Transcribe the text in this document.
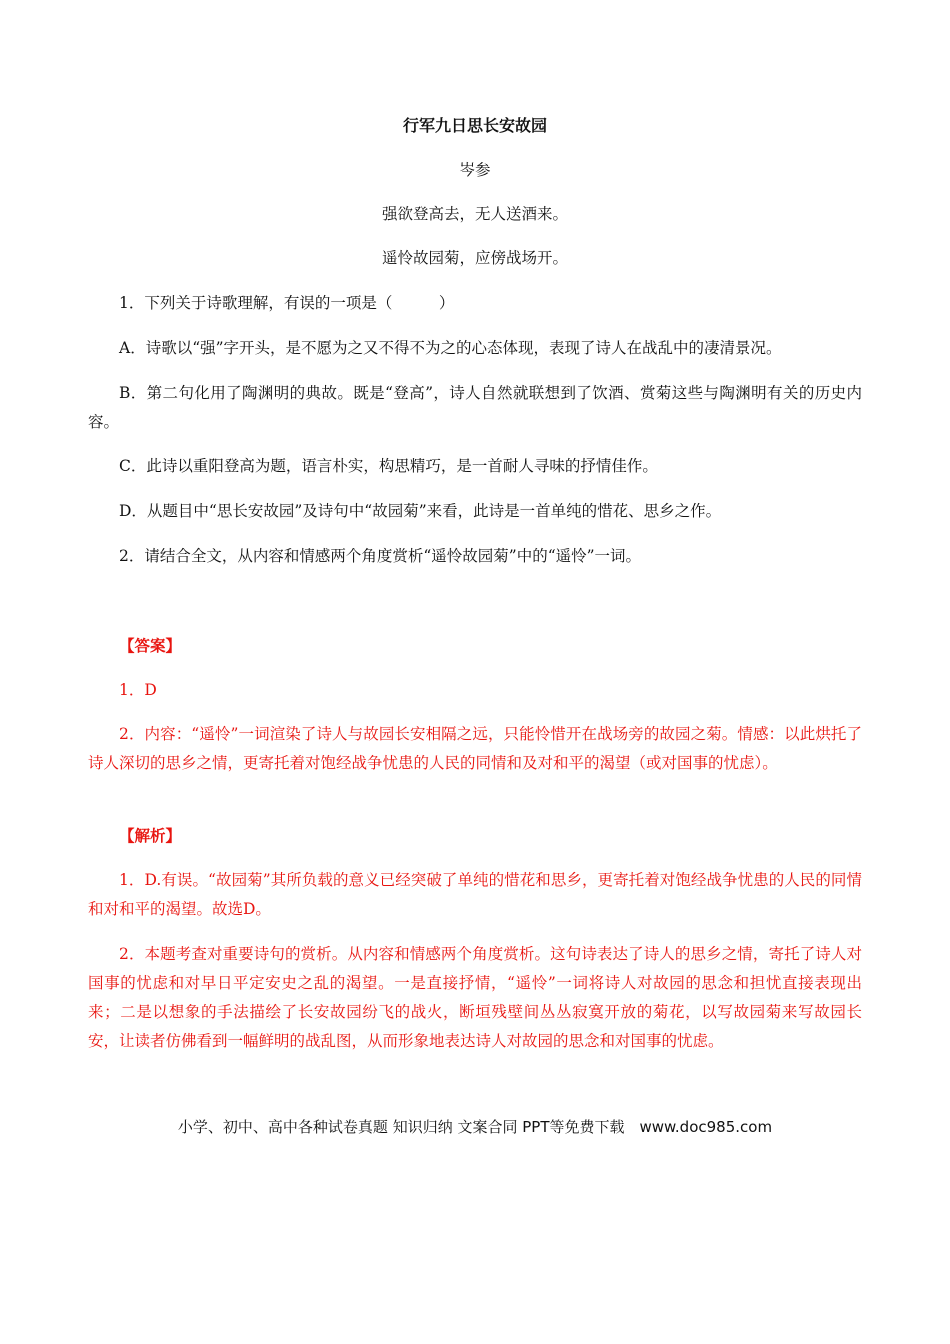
行军九日思长安故园
岑参
强欲登高去，无人送酒来。
遥怜故园菊，应傍战场开。
1．下列关于诗歌理解，有误的一项是（　　　）
A．诗歌以“强”字开头，是不愿为之又不得不为之的心态体现，表现了诗人在战乱中的凄清景况。
B．第二句化用了陶渊明的典故。既是“登高”，诗人自然就联想到了饮酒、赏菊这些与陶渊明有关的历史内容。
C．此诗以重阳登高为题，语言朴实，构思精巧，是一首耐人寻味的抒情佳作。
D．从题目中“思长安故园”及诗句中“故园菊”来看，此诗是一首单纯的惜花、思乡之作。
2．请结合全文，从内容和情感两个角度赏析“遥怜故园菊”中的“遥怜”一词。
【答案】
1．D
2．内容：“遥怜”一词渲染了诗人与故园长安相隔之远，只能怜惜开在战场旁的故园之菊。情感：以此烘托了诗人深切的思乡之情，更寄托着对饱经战争忧患的人民的同情和及对和平的渴望（或对国事的忧虑）。
【解析】
1．D.有误。“故园菊”其所负载的意义已经突破了单纯的惜花和思乡，更寄托着对饱经战争忧患的人民的同情和对和平的渴望。故选D。
2．本题考查对重要诗句的赏析。从内容和情感两个角度赏析。这句诗表达了诗人的思乡之情，寄托了诗人对国事的忧虑和对早日平定安史之乱的渴望。一是直接抒情，“遥怜”一词将诗人对故园的思念和担忧直接表现出来；二是以想象的手法描绘了长安故园纷飞的战火，断垣残壁间丛丛寂寞开放的菊花，以写故园菊来写故园长安，让读者仿佛看到一幅鲜明的战乱图，从而形象地表达诗人对故园的思念和对国事的忧虑。
小学、初中、高中各种试卷真题 知识归纳 文案合同 PPT等免费下载　www.doc985.com
